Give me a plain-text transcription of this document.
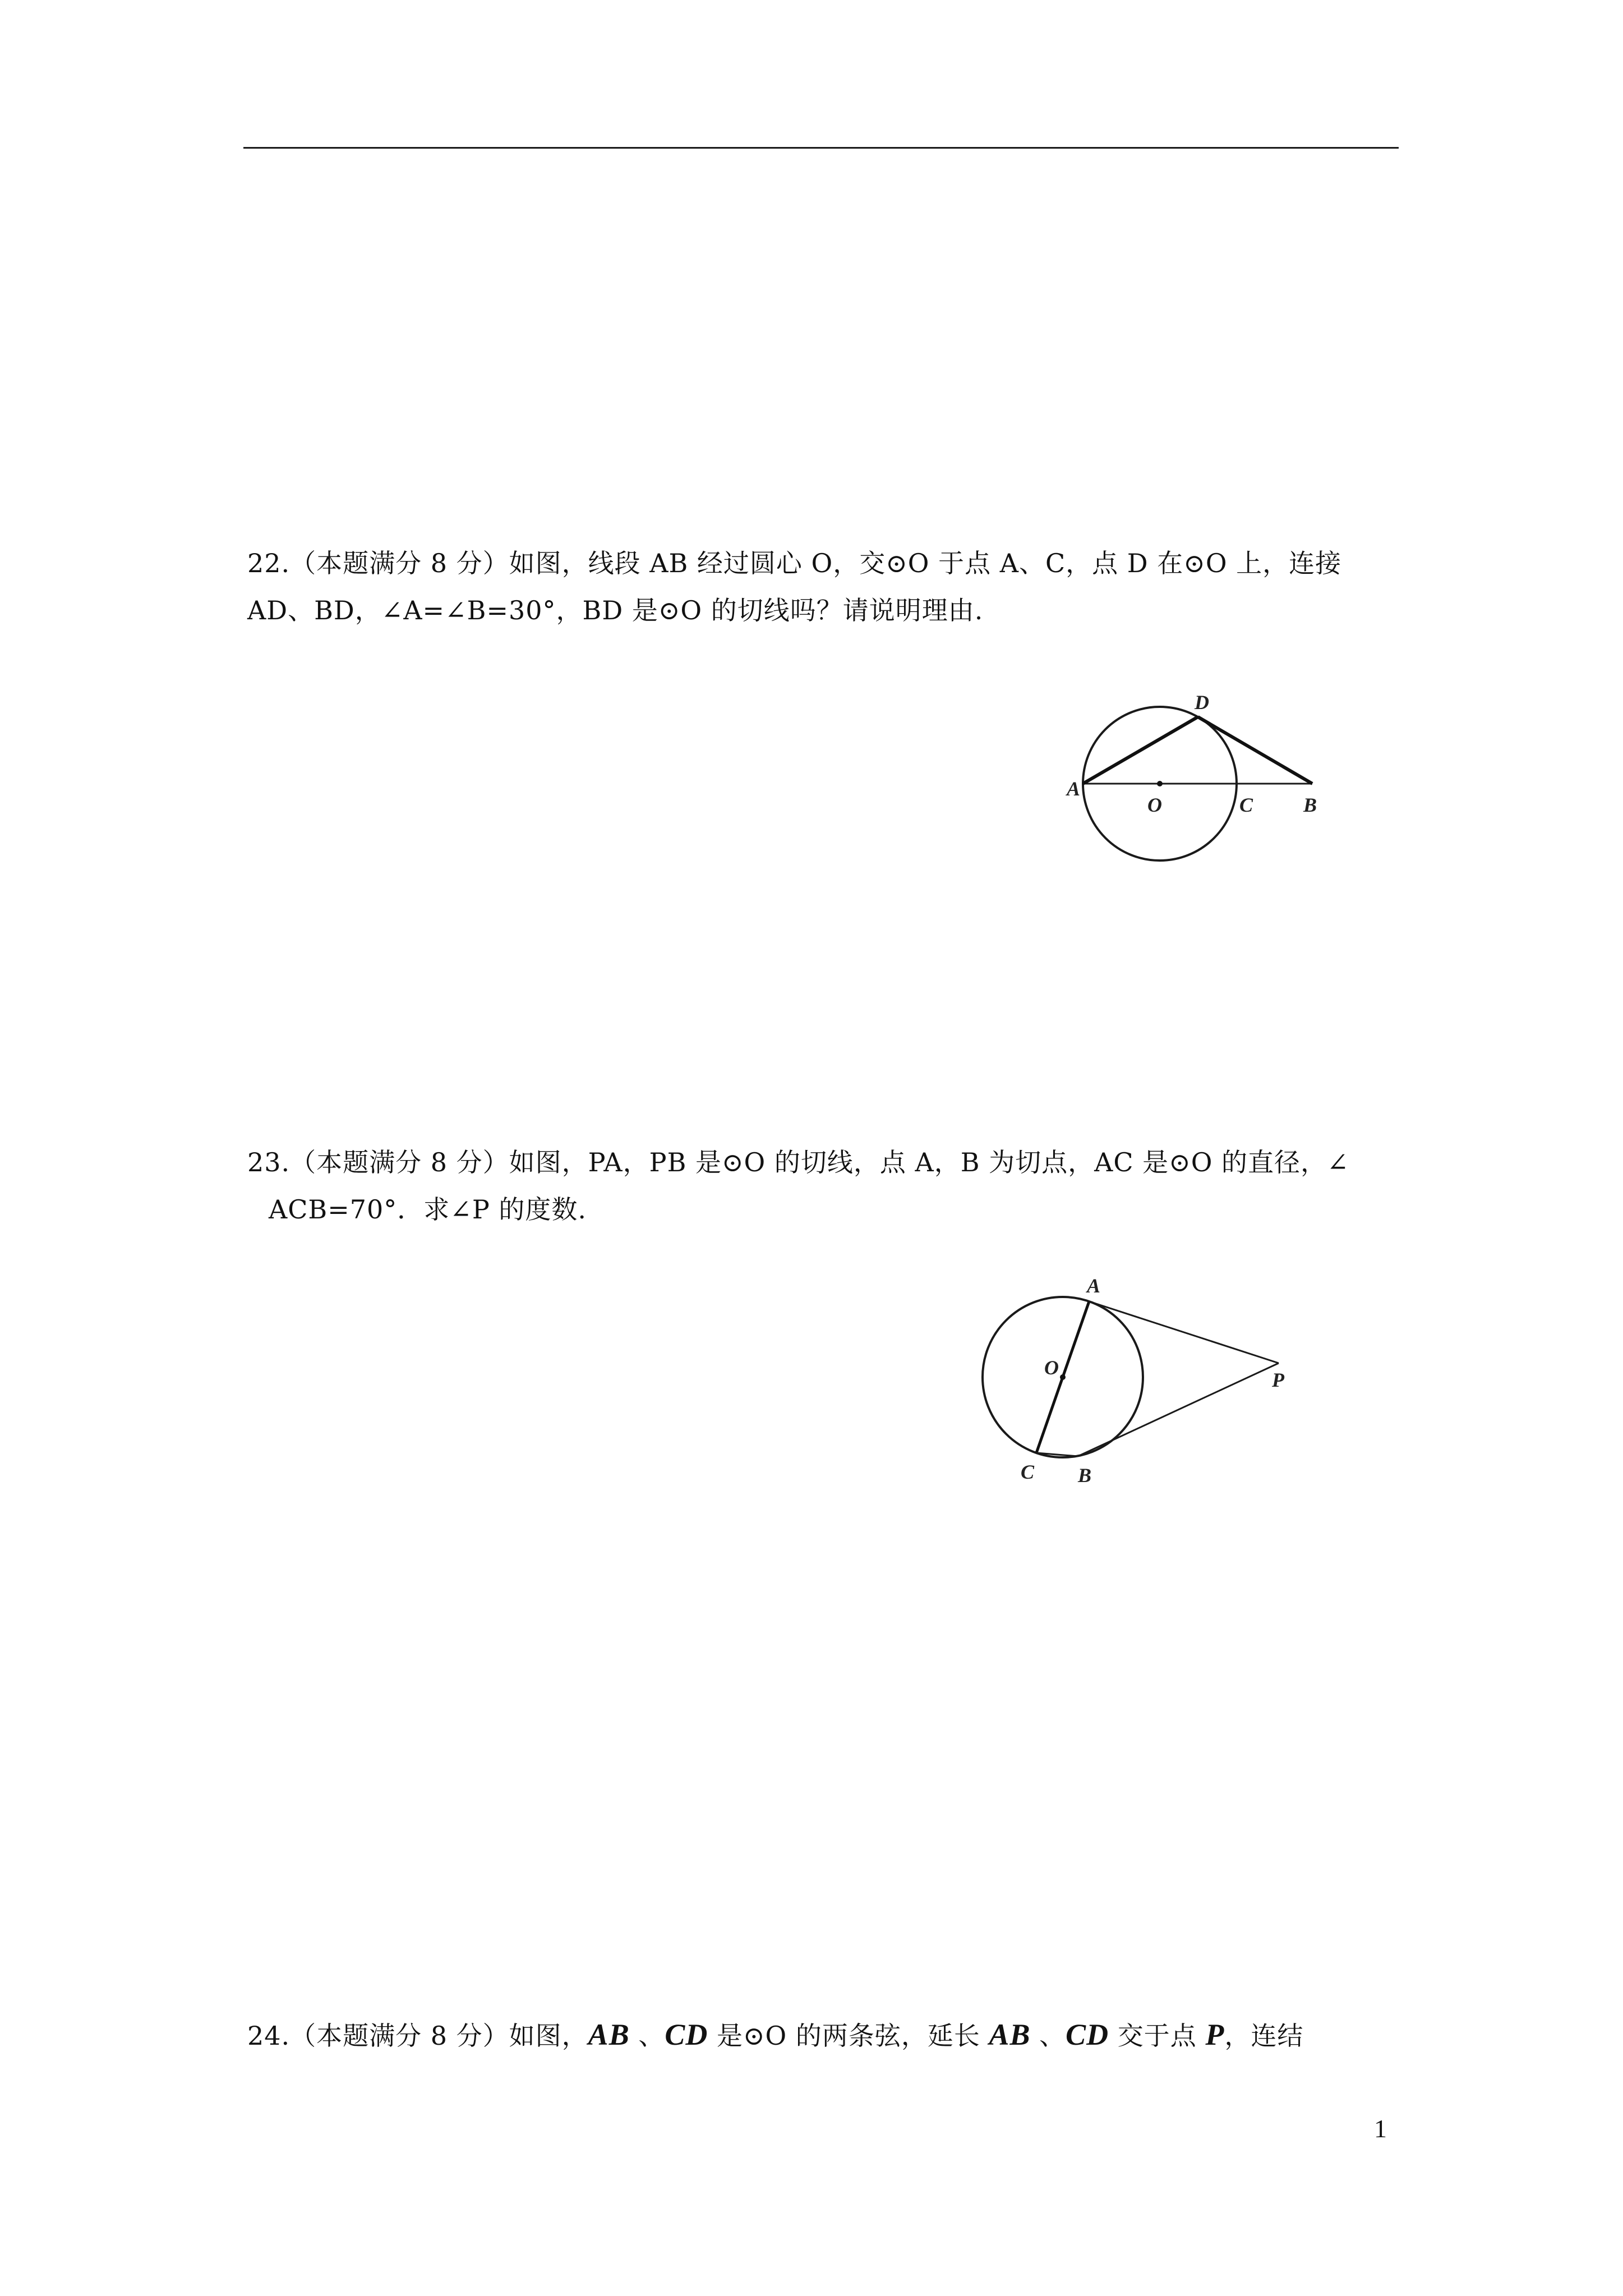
22.（本题满分 8 分）如图，线段 AB 经过圆心 O，交⊙O 于点 A、C，点 D 在⊙O 上，连接
AD、BD，∠A=∠B=30°，BD 是⊙O 的切线吗？请说明理由.
A
O	C B
D
23.（本题满分 8 分）如图，PA，PB 是⊙O 的切线，点 A，B 为切点，AC 是⊙O 的直径，∠
ACB=70°．求∠P 的度数.
A
O
P
C B
24.（本题满分 8 分）如图，AB 、CD 是⊙O 的两条弦，延长 AB 、CD 交于点 P，连结
1
